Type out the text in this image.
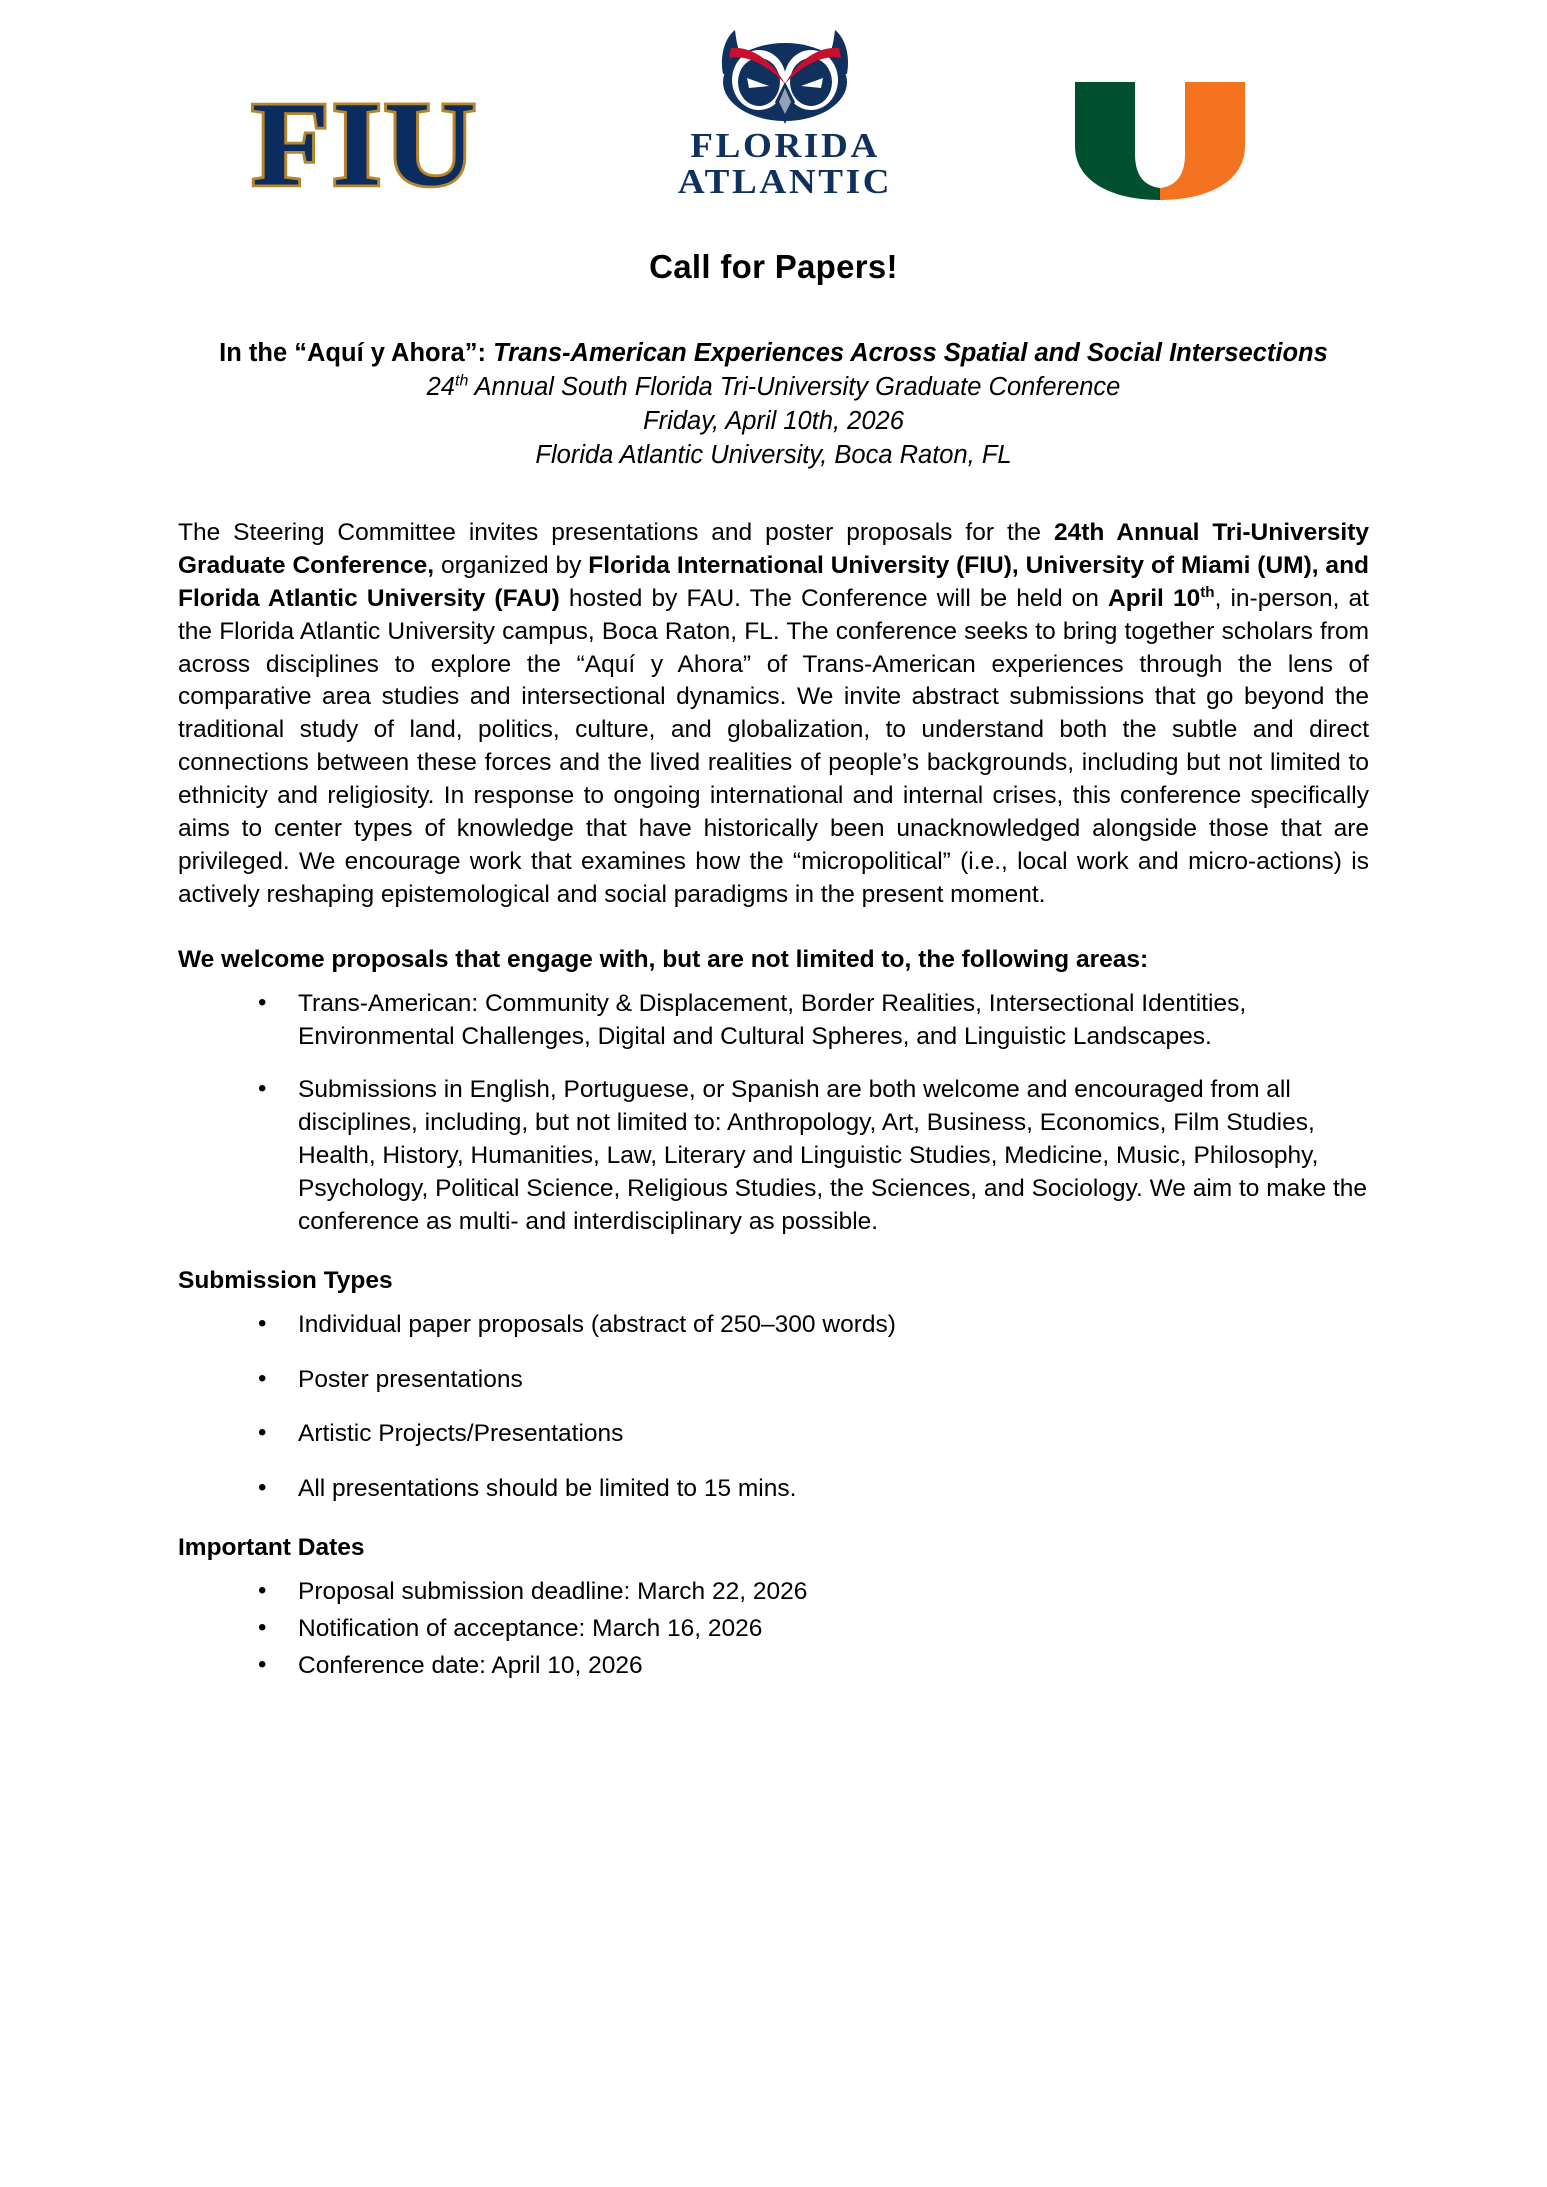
FIU	FLORIDA
ATLANTIC
Call for Papers!
In the “Aquí y Ahora”: Trans-American Experiences Across Spatial and Social Intersections
24th Annual South Florida Tri-University Graduate Conference
Friday, April 10th, 2026
Florida Atlantic University, Boca Raton, FL

The Steering Committee invites presentations and poster proposals for the 24th Annual Tri-University Graduate Conference, organized by Florida International University (FIU), University of Miami (UM), and Florida Atlantic University (FAU) hosted by FAU. The Conference will be held on April 10th, in-person, at the Florida Atlantic University campus, Boca Raton, FL. The conference seeks to bring together scholars from across disciplines to explore the “Aquí y Ahora” of Trans-American experiences through the lens of comparative area studies and intersectional dynamics. We invite abstract submissions that go beyond the traditional study of land, politics, culture, and globalization, to understand both the subtle and direct connections between these forces and the lived realities of people’s backgrounds, including but not limited to ethnicity and religiosity. In response to ongoing international and internal crises, this conference specifically aims to center types of knowledge that have historically been unacknowledged alongside those that are privileged. We encourage work that examines how the “micropolitical” (i.e., local work and micro-actions) is actively reshaping epistemological and social paradigms in the present moment.

We welcome proposals that engage with, but are not limited to, the following areas:
• Trans-American: Community & Displacement, Border Realities, Intersectional Identities, Environmental Challenges, Digital and Cultural Spheres, and Linguistic Landscapes.
• Submissions in English, Portuguese, or Spanish are both welcome and encouraged from all disciplines, including, but not limited to: Anthropology, Art, Business, Economics, Film Studies, Health, History, Humanities, Law, Literary and Linguistic Studies, Medicine, Music, Philosophy, Psychology, Political Science, Religious Studies, the Sciences, and Sociology. We aim to make the conference as multi- and interdisciplinary as possible.
Submission Types
• Individual paper proposals (abstract of 250–300 words)
• Poster presentations
• Artistic Projects/Presentations
• All presentations should be limited to 15 mins.
Important Dates
• Proposal submission deadline: March 22, 2026
• Notification of acceptance: March 16, 2026
• Conference date: April 10, 2026
